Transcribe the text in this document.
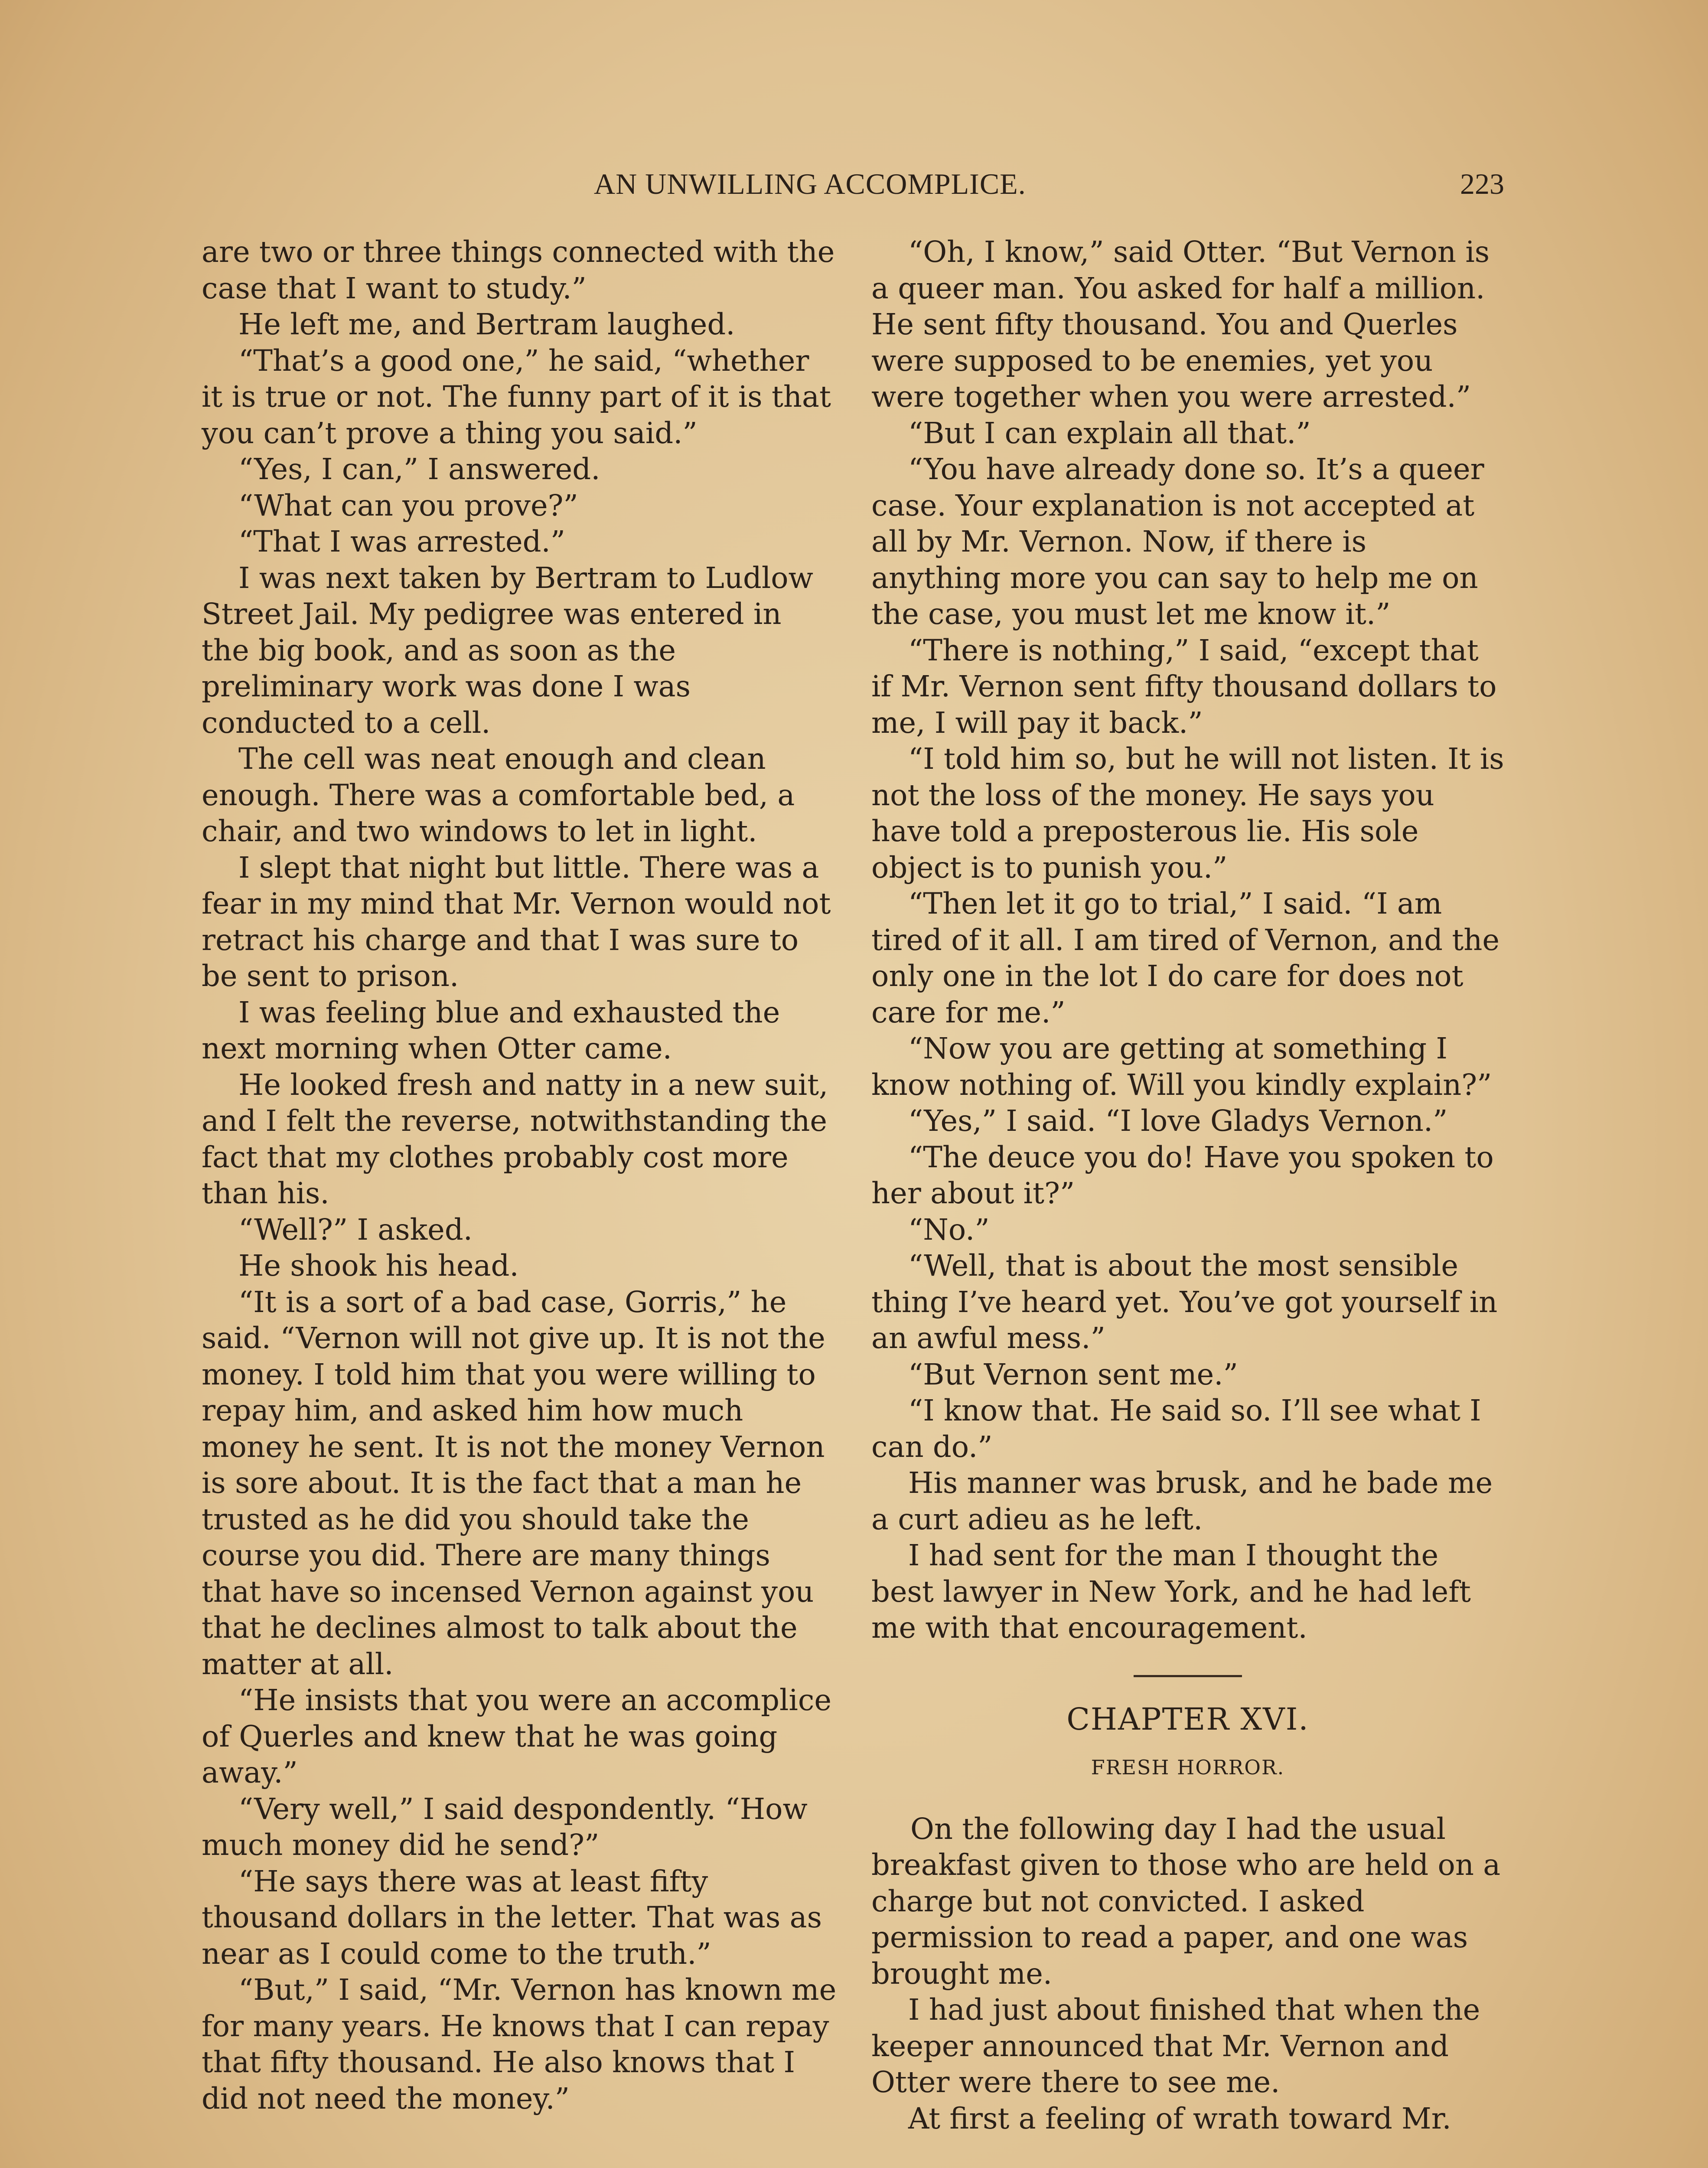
AN UNWILLING ACCOMPLICE.	223

are two or three things connected with the case that I want to study.”

He left me, and Bertram laughed.

“That’s a good one,” he said, “whether it is true or not. The funny part of it is that you can’t prove a thing you said.”

“Yes, I can,” I answered.

“What can you prove?”

“That I was arrested.”

I was next taken by Bertram to Ludlow Street Jail. My pedigree was entered in the big book, and as soon as the preliminary work was done I was conducted to a cell.

The cell was neat enough and clean enough. There was a comfortable bed, a chair, and two windows to let in light.

I slept that night but little. There was a fear in my mind that Mr. Vernon would not retract his charge and that I was sure to be sent to prison.

I was feeling blue and exhausted the next morning when Otter came.

He looked fresh and natty in a new suit, and I felt the reverse, notwithstanding the fact that my clothes probably cost more than his.

“Well?” I asked.

He shook his head.

“It is a sort of a bad case, Gorris,” he said. “Vernon will not give up. It is not the money. I told him that you were willing to repay him, and asked him how much money he sent. It is not the money Vernon is sore about. It is the fact that a man he trusted as he did you should take the course you did. There are many things that have so incensed Vernon against you that he declines almost to talk about the matter at all.

“He insists that you were an accomplice of Querles and knew that he was going away.”

“Very well,” I said despondently. “How much money did he send?”

“He says there was at least fifty thousand dollars in the letter. That was as near as I could come to the truth.”

“But,” I said, “Mr. Vernon has known me for many years. He knows that I can repay that fifty thousand. He also knows that I did not need the money.”

“Oh, I know,” said Otter. “But Vernon is a queer man. You asked for half a million. He sent fifty thousand. You and Querles were supposed to be enemies, yet you were together when you were arrested.”

“But I can explain all that.”

“You have already done so. It’s a queer case. Your explanation is not accepted at all by Mr. Vernon. Now, if there is anything more you can say to help me on the case, you must let me know it.”

“There is nothing,” I said, “except that if Mr. Vernon sent fifty thousand dollars to me, I will pay it back.”

“I told him so, but he will not listen. It is not the loss of the money. He says you have told a preposterous lie. His sole object is to punish you.”

“Then let it go to trial,” I said. “I am tired of it all. I am tired of Vernon, and the only one in the lot I do care for does not care for me.”

“Now you are getting at something I know nothing of. Will you kindly explain?”

“Yes,” I said. “I love Gladys Vernon.”

“The deuce you do! Have you spoken to her about it?”

“No.”

“Well, that is about the most sensible thing I’ve heard yet. You’ve got yourself in an awful mess.”

“But Vernon sent me.”

“I know that. He said so. I’ll see what I can do.”

His manner was brusk, and he bade me a curt adieu as he left.

I had sent for the man I thought the best lawyer in New York, and he had left me with that encouragement.

CHAPTER XVI.
FRESH HORROR.

On the following day I had the usual breakfast given to those who are held on a charge but not convicted. I asked permission to read a paper, and one was brought me.

I had just about finished that when the keeper announced that Mr. Vernon and Otter were there to see me.

At first a feeling of wrath toward Mr.
